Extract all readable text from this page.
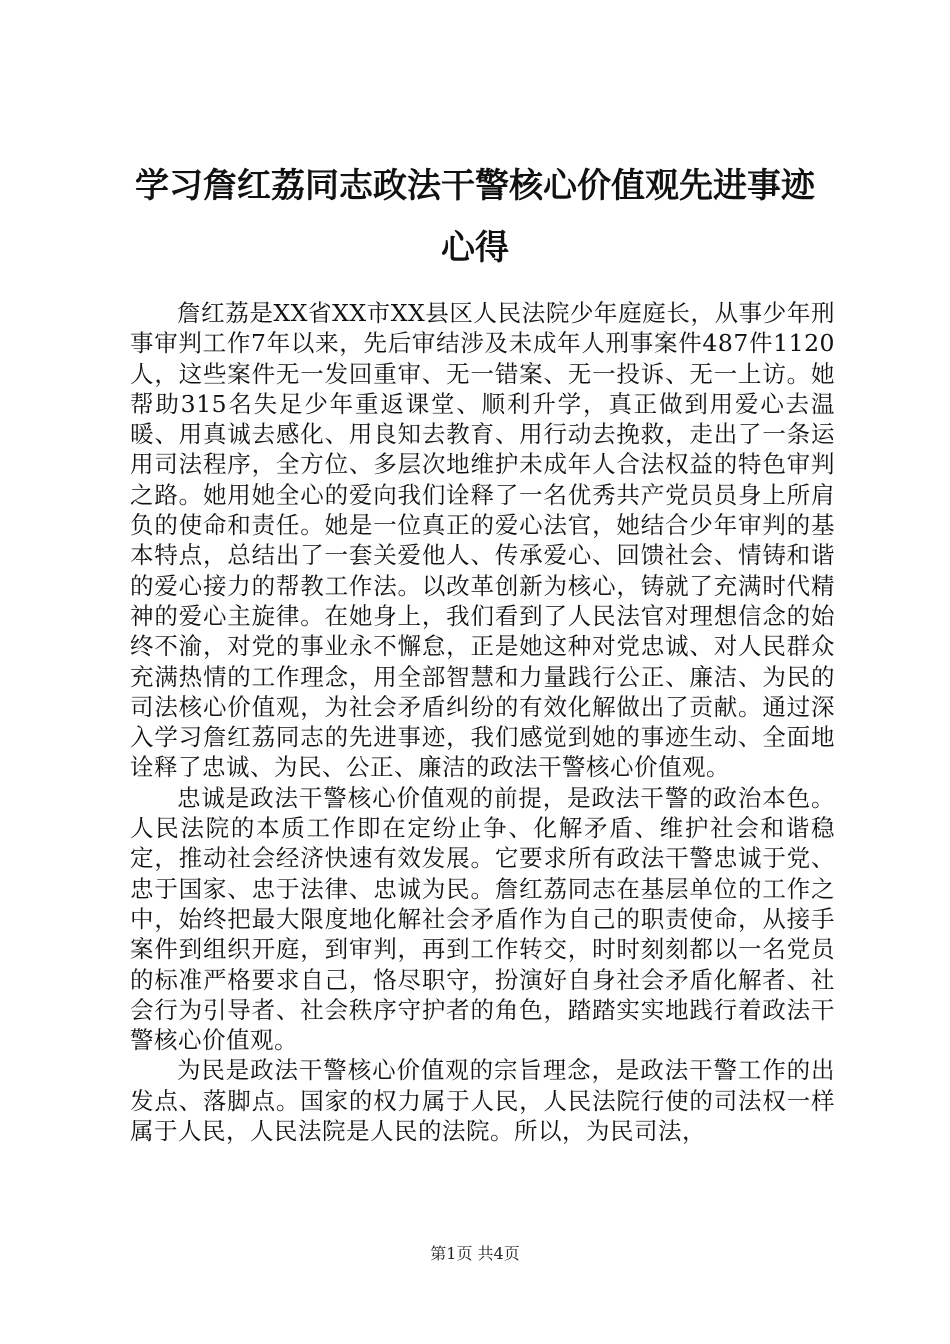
学习詹红荔同志政法干警核心价值观先进事迹
心得

詹红荔是XX省XX市XX县区人民法院少年庭庭长，从事少年刑事审判工作7年以来，先后审结涉及未成年人刑事案件487件1120人，这些案件无一发回重审、无一错案、无一投诉、无一上访。她帮助315名失足少年重返课堂、顺利升学，真正做到用爱心去温暖、用真诚去感化、用良知去教育、用行动去挽救，走出了一条运用司法程序，全方位、多层次地维护未成年人合法权益的特色审判之路。她用她全心的爱向我们诠释了一名优秀共产党员员身上所肩负的使命和责任。她是一位真正的爱心法官，她结合少年审判的基本特点，总结出了一套关爱他人、传承爱心、回馈社会、情铸和谐的爱心接力的帮教工作法。以改革创新为核心，铸就了充满时代精神的爱心主旋律。在她身上，我们看到了人民法官对理想信念的始终不渝，对党的事业永不懈怠，正是她这种对党忠诚、对人民群众充满热情的工作理念，用全部智慧和力量践行公正、廉洁、为民的司法核心价值观，为社会矛盾纠纷的有效化解做出了贡献。通过深入学习詹红荔同志的先进事迹，我们感觉到她的事迹生动、全面地诠释了忠诚、为民、公正、廉洁的政法干警核心价值观。

忠诚是政法干警核心价值观的前提，是政法干警的政治本色。人民法院的本质工作即在定纷止争、化解矛盾、维护社会和谐稳定，推动社会经济快速有效发展。它要求所有政法干警忠诚于党、忠于国家、忠于法律、忠诚为民。詹红荔同志在基层单位的工作之中，始终把最大限度地化解社会矛盾作为自己的职责使命，从接手案件到组织开庭，到审判，再到工作转交，时时刻刻都以一名党员的标准严格要求自己，恪尽职守，扮演好自身社会矛盾化解者、社会行为引导者、社会秩序守护者的角色，踏踏实实地践行着政法干警核心价值观。

为民是政法干警核心价值观的宗旨理念，是政法干警工作的出发点、落脚点。国家的权力属于人民，人民法院行使的司法权一样属于人民，人民法院是人民的法院。所以，为民司法，

第1页 共4页
